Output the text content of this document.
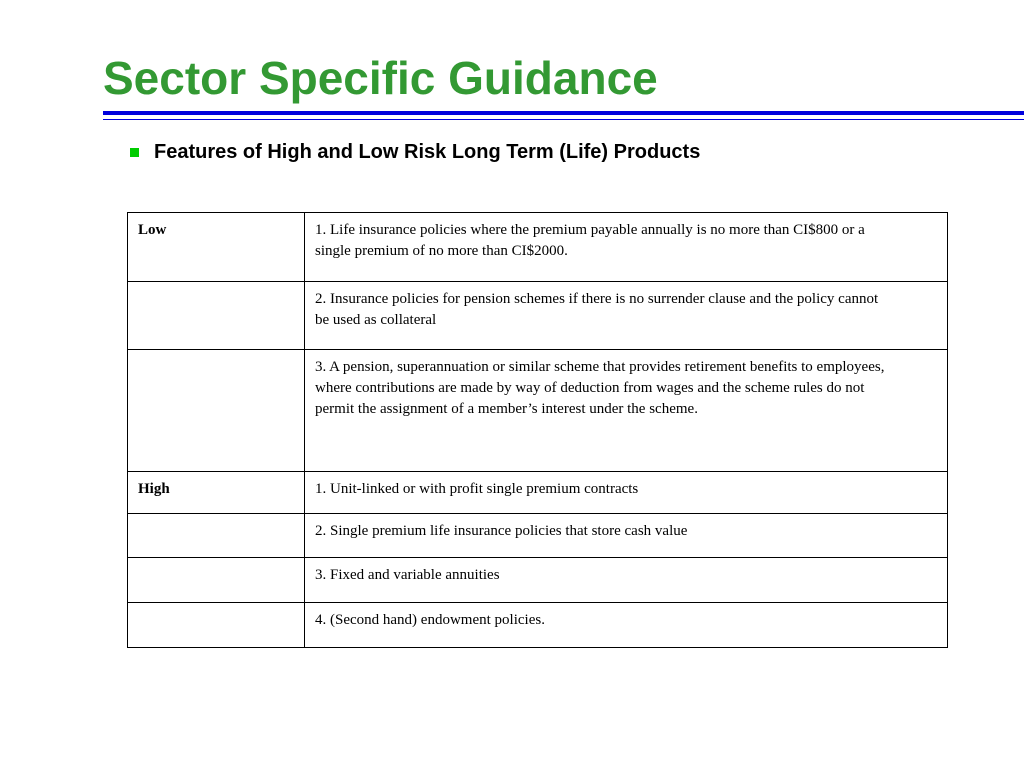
Sector Specific Guidance
Features of High and Low Risk Long Term (Life) Products
Low	1. Life insurance policies where the premium payable annually is no more than CI$800 or a single premium of no more than CI$2000.
	2. Insurance policies for pension schemes if there is no surrender clause and the policy cannot be used as collateral
	3. A pension, superannuation or similar scheme that provides retirement benefits to employees, where contributions are made by way of deduction from wages and the scheme rules do not permit the assignment of a member’s interest under the scheme.
High	1. Unit-linked or with profit single premium contracts
	2. Single premium life insurance policies that store cash value
	3. Fixed and variable annuities
	4. (Second hand) endowment policies.
